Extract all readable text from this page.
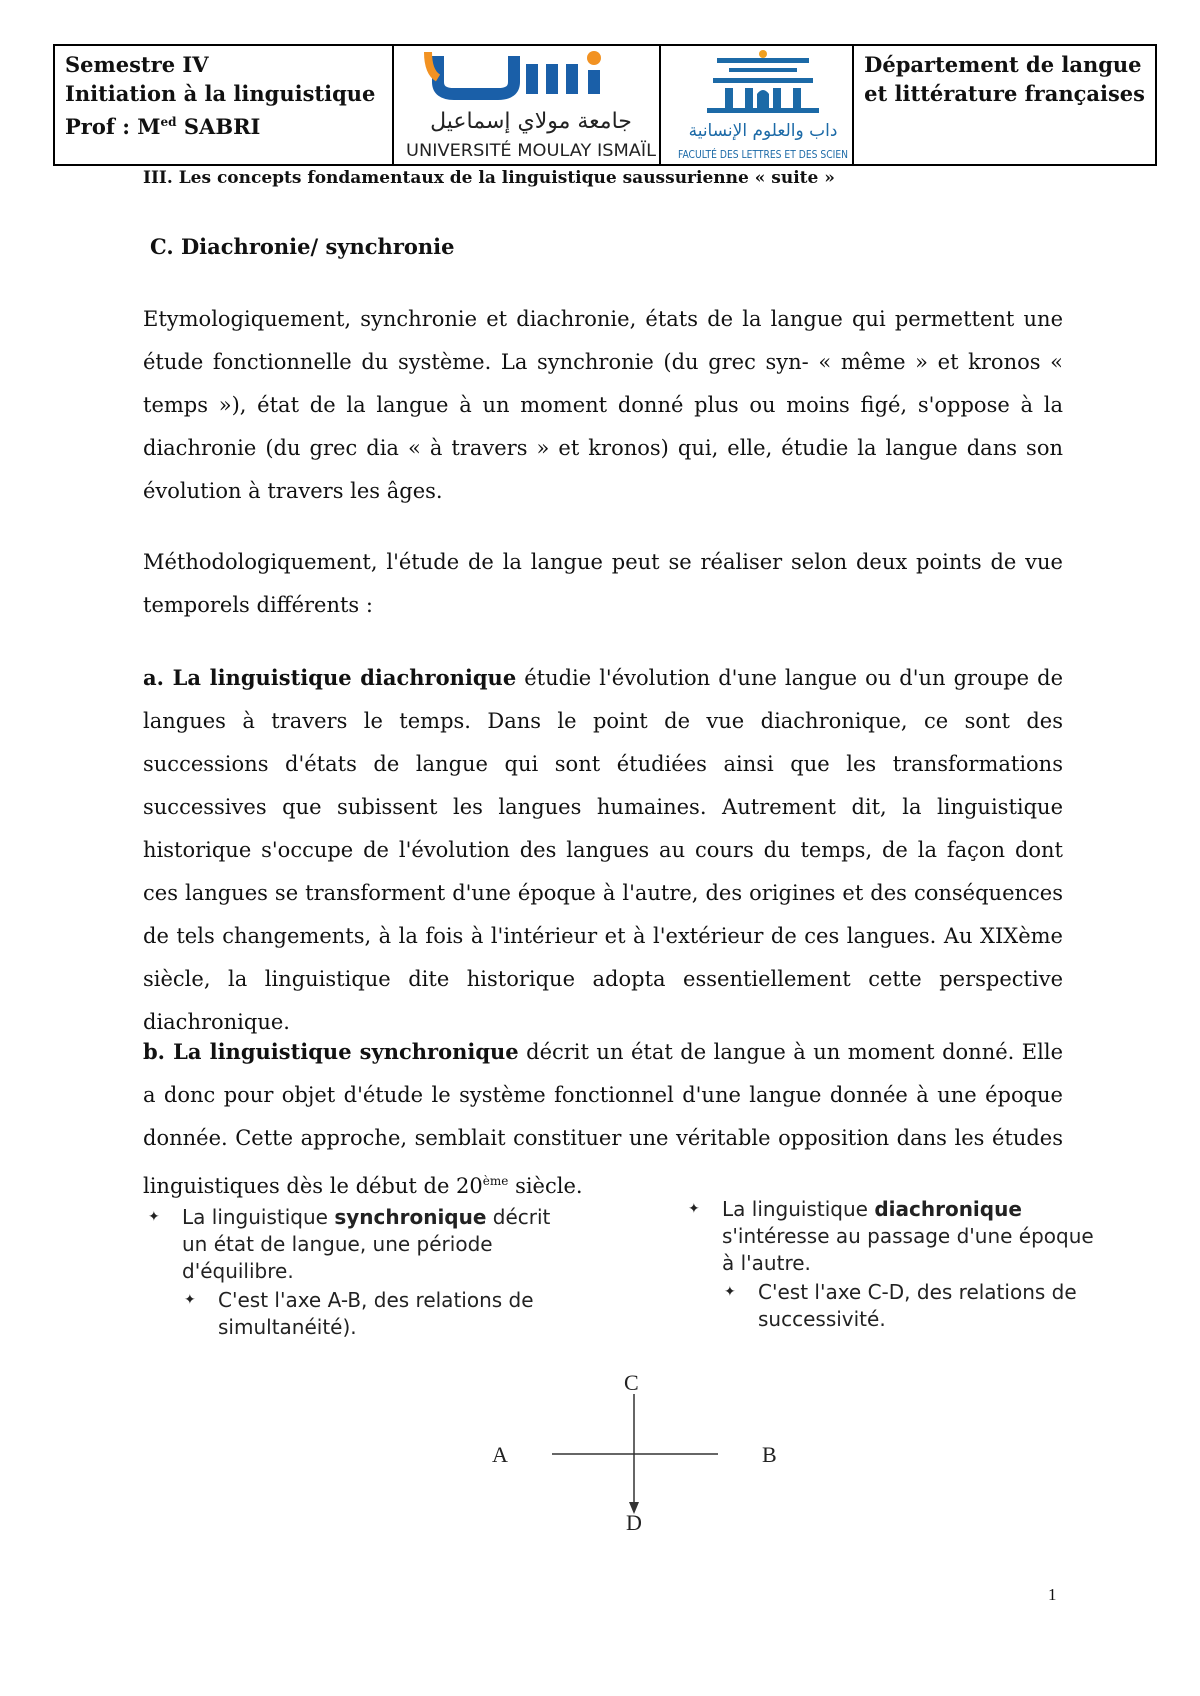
Semestre IV
Initiation à la linguistique
Prof : $M^{ed}$ SABRI	جامعة مولاي إسماعيل
UNIVERSITÉ MOULAY ISMAÏL
داب والعلوم الإنسانية
FACULTÉ DES LETTRES ET DES SCIEN
Département de langue
et littérature françaises
III. Les concepts fondamentaux de la linguistique saussurienne « suite »
C. Diachronie/ synchronie
Etymologiquement, synchronie et diachronie, états de la langue qui permettent une étude fonctionnelle du système. La synchronie (du grec syn- « même » et kronos « temps »), état de la langue à un moment donné plus ou moins figé, s'oppose à la diachronie (du grec dia « à travers » et kronos) qui, elle, étudie la langue dans son évolution à travers les âges.
Méthodologiquement, l'étude de la langue peut se réaliser selon deux points de vue temporels différents :
a. La linguistique diachronique étudie l'évolution d'une langue ou d'un groupe de langues à travers le temps. Dans le point de vue diachronique, ce sont des successions d'états de langue qui sont étudiées ainsi que les transformations successives que subissent les langues humaines. Autrement dit, la linguistique historique s'occupe de l'évolution des langues au cours du temps, de la façon dont ces langues se transforment d'une époque à l'autre, des origines et des conséquences de tels changements, à la fois à l'intérieur et à l'extérieur de ces langues. Au XIXème siècle, la linguistique dite historique adopta essentiellement cette perspective diachronique.
b. La linguistique synchronique décrit un état de langue à un moment donné. Elle a donc pour objet d'étude le système fonctionnel d'une langue donnée à une époque donnée. Cette approche, semblait constituer une véritable opposition dans les études linguistiques dès le début de 20ème siècle.
✦ La linguistique synchronique décrit un état de langue, une période d'équilibre.
✦ C'est l'axe A-B, des relations de simultanéité).
✦ La linguistique diachronique s'intéresse au passage d'une époque à l'autre.
✦ C'est l'axe C-D, des relations de successivité.
A	B
C
D
1
